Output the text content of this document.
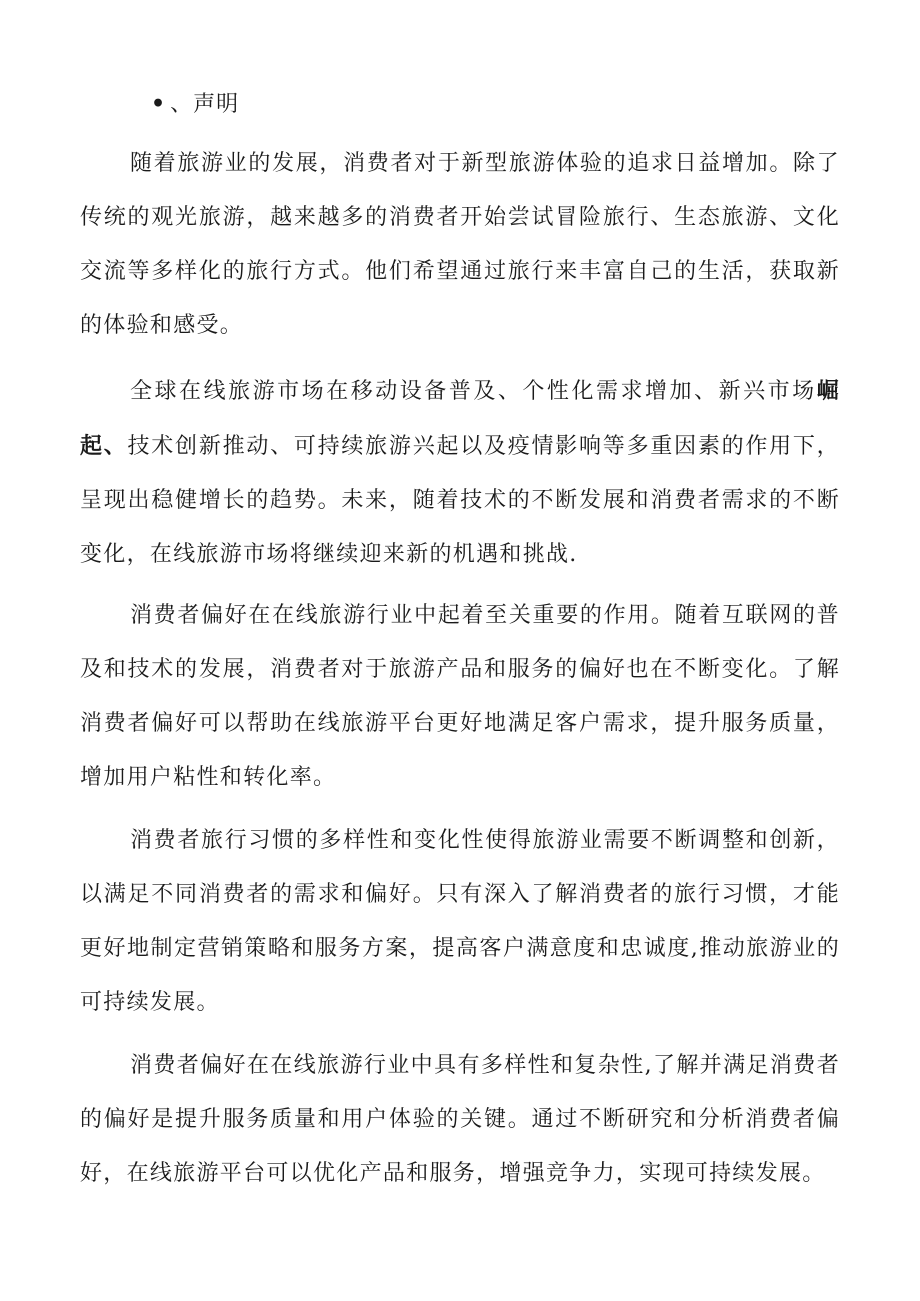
• 、声明

随着旅游业的发展，消费者对于新型旅游体验的追求日益增加。除了传统的观光旅游，越来越多的消费者开始尝试冒险旅行、生态旅游、文化交流等多样化的旅行方式。他们希望通过旅行来丰富自己的生活，获取新的体验和感受。

全球在线旅游市场在移动设备普及、个性化需求增加、新兴市场崛起、技术创新推动、可持续旅游兴起以及疫情影响等多重因素的作用下，呈现出稳健增长的趋势。未来，随着技术的不断发展和消费者需求的不断变化，在线旅游市场将继续迎来新的机遇和挑战.

消费者偏好在在线旅游行业中起着至关重要的作用。随着互联网的普及和技术的发展，消费者对于旅游产品和服务的偏好也在不断变化。了解消费者偏好可以帮助在线旅游平台更好地满足客户需求，提升服务质量，增加用户粘性和转化率。

消费者旅行习惯的多样性和变化性使得旅游业需要不断调整和创新，以满足不同消费者的需求和偏好。只有深入了解消费者的旅行习惯，才能更好地制定营销策略和服务方案，提高客户满意度和忠诚度,推动旅游业的可持续发展。

消费者偏好在在线旅游行业中具有多样性和复杂性,了解并满足消费者的偏好是提升服务质量和用户体验的关键。通过不断研究和分析消费者偏好，在线旅游平台可以优化产品和服务，增强竞争力，实现可持续发展。
